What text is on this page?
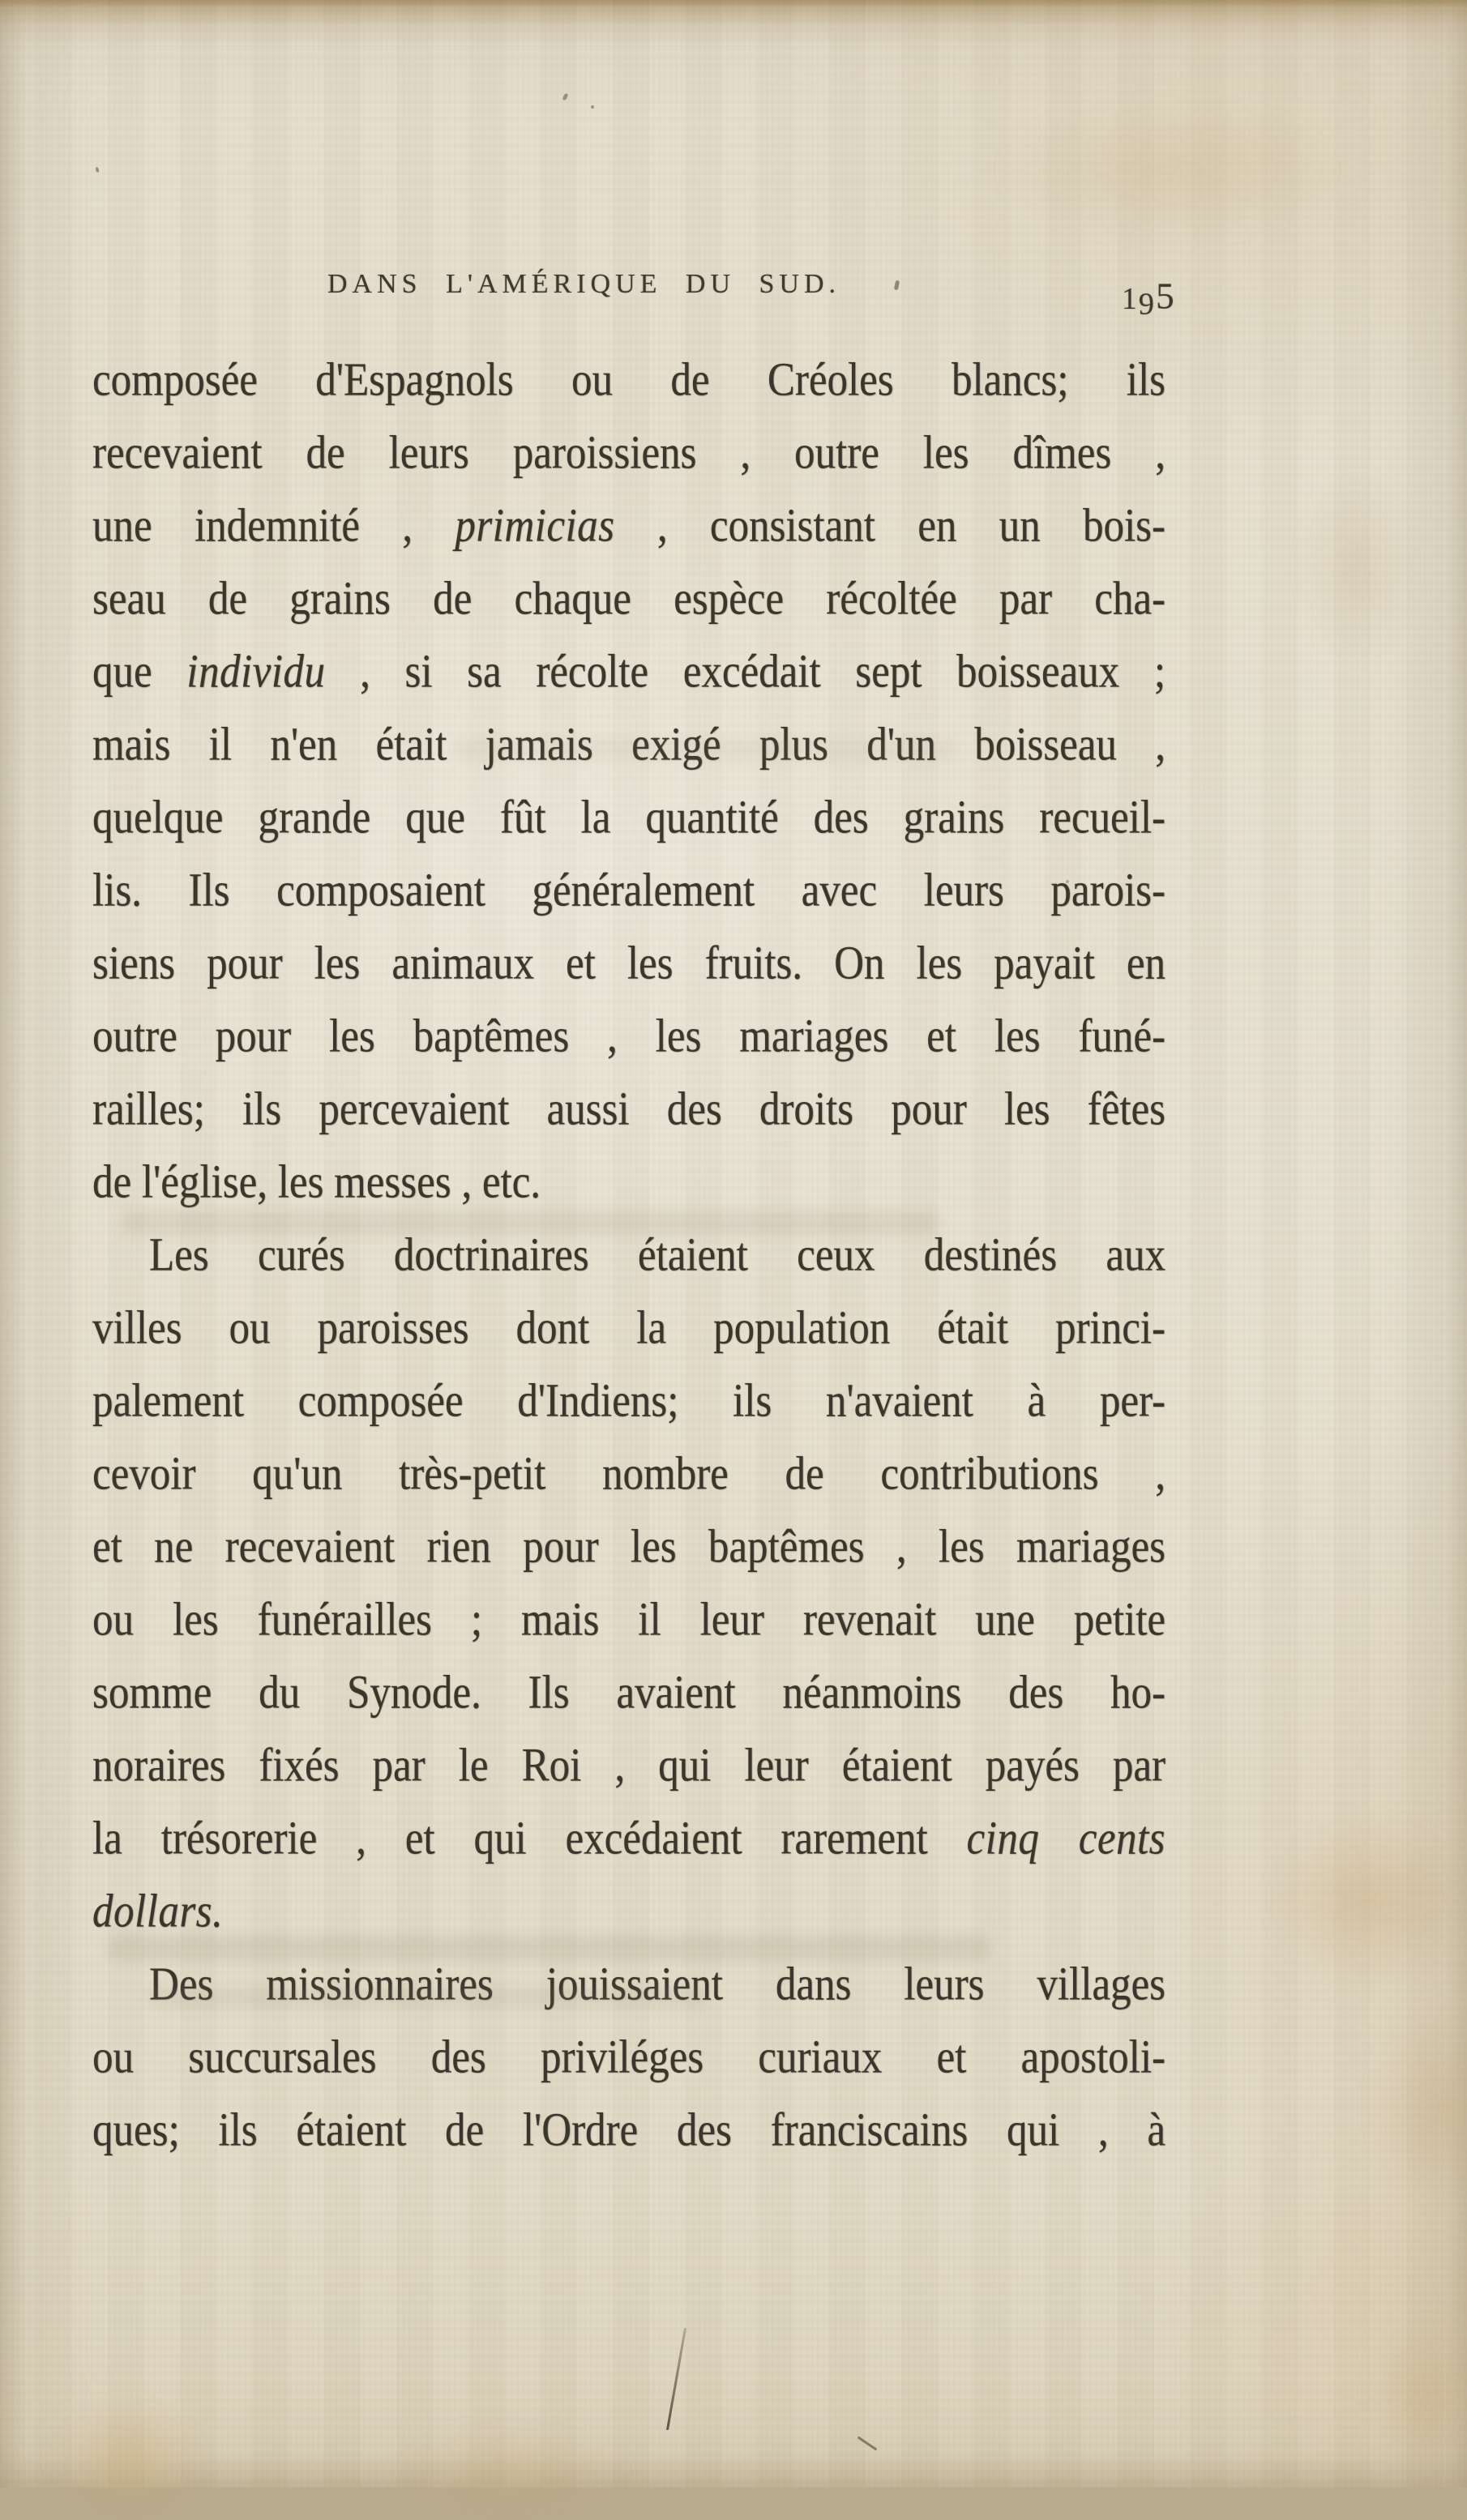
DANS L'AMÉRIQUE DU SUD.	195
composée d'Espagnols ou de Créoles blancs; ils
recevaient de leurs paroissiens , outre les dîmes ,
une indemnité , primicias , consistant en un bois-
seau de grains de chaque espèce récoltée par cha-
que individu , si sa récolte excédait sept boisseaux ;
mais il n'en était jamais exigé plus d'un boisseau ,
quelque grande que fût la quantité des grains recueil-
lis. Ils composaient généralement avec leurs parois-
siens pour les animaux et les fruits. On les payait en
outre pour les baptêmes , les mariages et les funé-
railles; ils percevaient aussi des droits pour les fêtes
de l'église, les messes , etc.
Les curés doctrinaires étaient ceux destinés aux
villes ou paroisses dont la population était princi-
palement composée d'Indiens; ils n'avaient à per-
cevoir qu'un très-petit nombre de contributions ,
et ne recevaient rien pour les baptêmes , les mariages
ou les funérailles ; mais il leur revenait une petite
somme du Synode. Ils avaient néanmoins des ho-
noraires fixés par le Roi , qui leur étaient payés par
la trésorerie , et qui excédaient rarement cinq cents
dollars.
Des missionnaires jouissaient dans leurs villages
ou succursales des priviléges curiaux et apostoli-
ques; ils étaient de l'Ordre des franciscains qui , à
